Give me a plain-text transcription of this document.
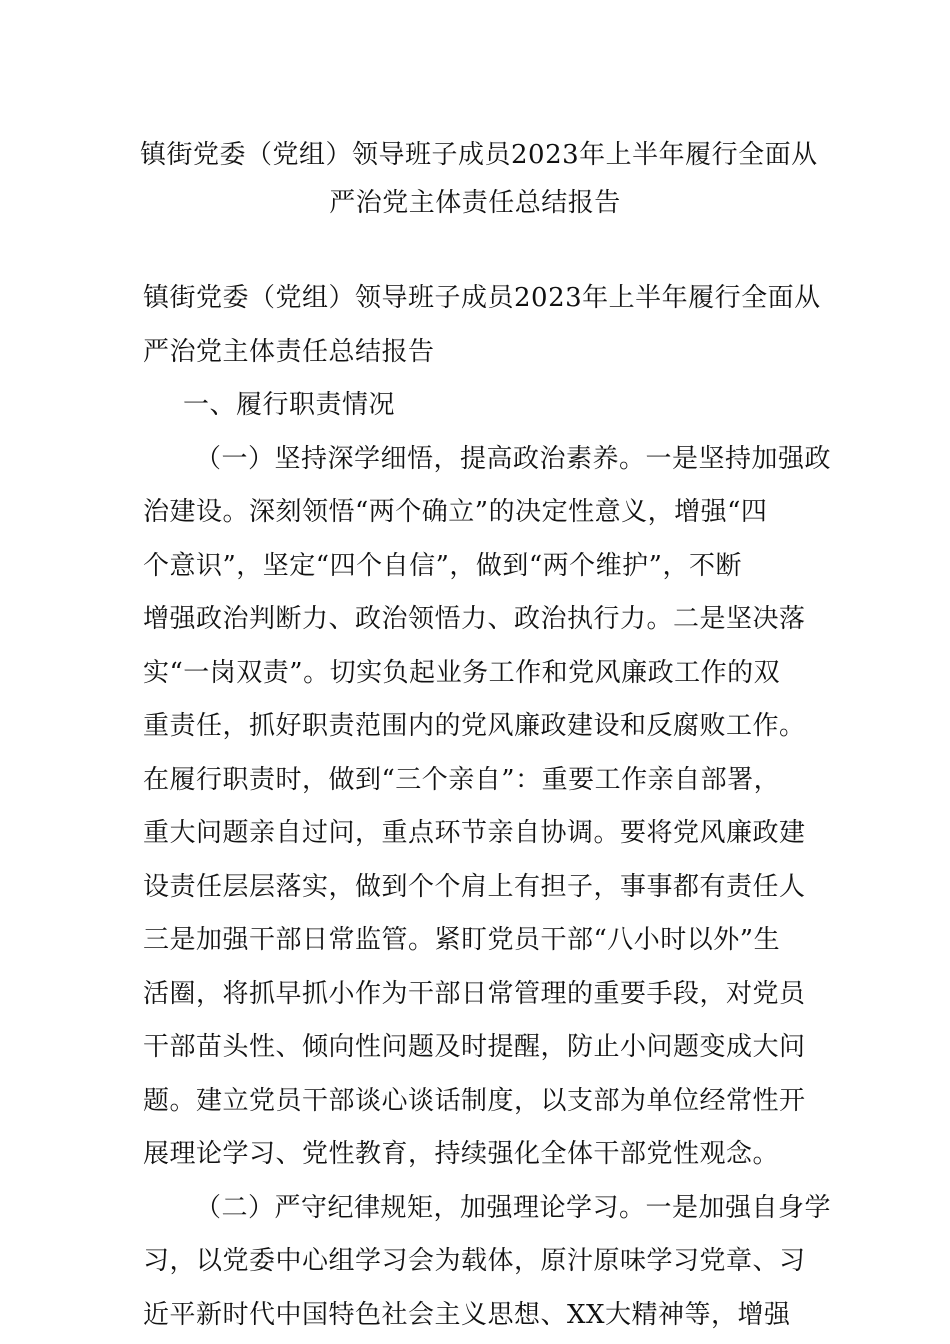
镇街党委（党组）领导班子成员2023年上半年履行全面从
严治党主体责任总结报告
镇街党委（党组）领导班子成员2023年上半年履行全面从
严治党主体责任总结报告
一、履行职责情况
（一）坚持深学细悟，提高政治素养。一是坚持加强政
治建设。深刻领悟“两个确立”的决定性意义，增强“四
个意识”，坚定“四个自信”，做到“两个维护”，不断
增强政治判断力、政治领悟力、政治执行力。二是坚决落
实“一岗双责”。切实负起业务工作和党风廉政工作的双
重责任，抓好职责范围内的党风廉政建设和反腐败工作。
在履行职责时，做到“三个亲自”：重要工作亲自部署，
重大问题亲自过问，重点环节亲自协调。要将党风廉政建
设责任层层落实，做到个个肩上有担子，事事都有责任人
三是加强干部日常监管。紧盯党员干部“八小时以外”生
活圈，将抓早抓小作为干部日常管理的重要手段，对党员
干部苗头性、倾向性问题及时提醒，防止小问题变成大问
题。建立党员干部谈心谈话制度，以支部为单位经常性开
展理论学习、党性教育，持续强化全体干部党性观念。
（二）严守纪律规矩，加强理论学习。一是加强自身学
习，以党委中心组学习会为载体，原汁原味学习党章、习
近平新时代中国特色社会主义思想、XX大精神等，增强
